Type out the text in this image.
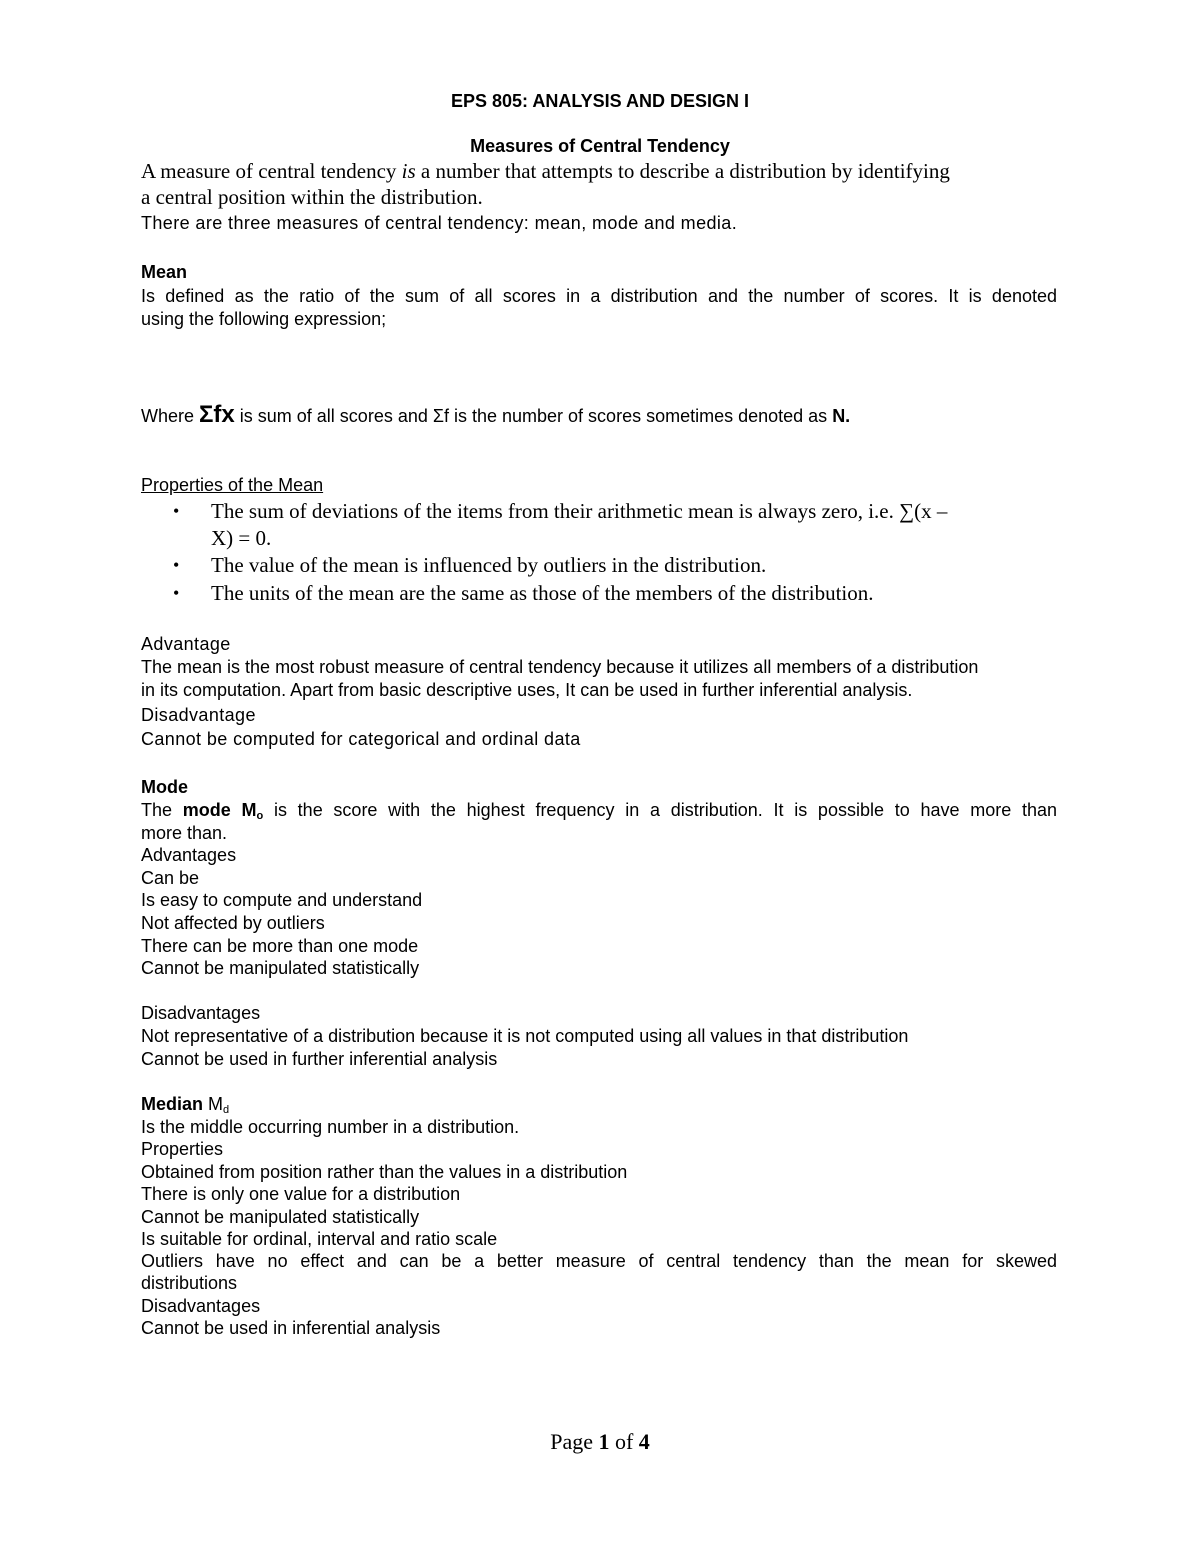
EPS 805: ANALYSIS AND DESIGN I
Measures of Central Tendency
A measure of central tendency is a number that attempts to describe a distribution by identifying
a central position within the distribution.
There are three measures of central tendency: mean, mode and media.
Mean
Is defined as the ratio of the sum of all scores in a distribution and the number of scores. It is denoted
using the following expression;
Where Σfx is sum of all scores and Σf is the number of scores sometimes denoted as N.
Properties of the Mean
• The sum of deviations of the items from their arithmetic mean is always zero, i.e. ∑(x –
X) = 0.
• The value of the mean is influenced by outliers in the distribution.
• The units of the mean are the same as those of the members of the distribution.
Advantage
The mean is the most robust measure of central tendency because it utilizes all members of a distribution
in its computation. Apart from basic descriptive uses, It can be used in further inferential analysis.
Disadvantage
Cannot be computed for categorical and ordinal data
Mode
The mode $M_o$ is the score with the highest frequency in a distribution. It is possible to have more than
more than.
Advantages
Can be
Is easy to compute and understand
Not affected by outliers
There can be more than one mode
Cannot be manipulated statistically
Disadvantages
Not representative of a distribution because it is not computed using all values in that distribution
Cannot be used in further inferential analysis
Median $M_d$
Is the middle occurring number in a distribution.
Properties
Obtained from position rather than the values in a distribution
There is only one value for a distribution
Cannot be manipulated statistically
Is suitable for ordinal, interval and ratio scale
Outliers have no effect and can be a better measure of central tendency than the mean for skewed
distributions
Disadvantages
Cannot be used in inferential analysis
Page 1 of 4
